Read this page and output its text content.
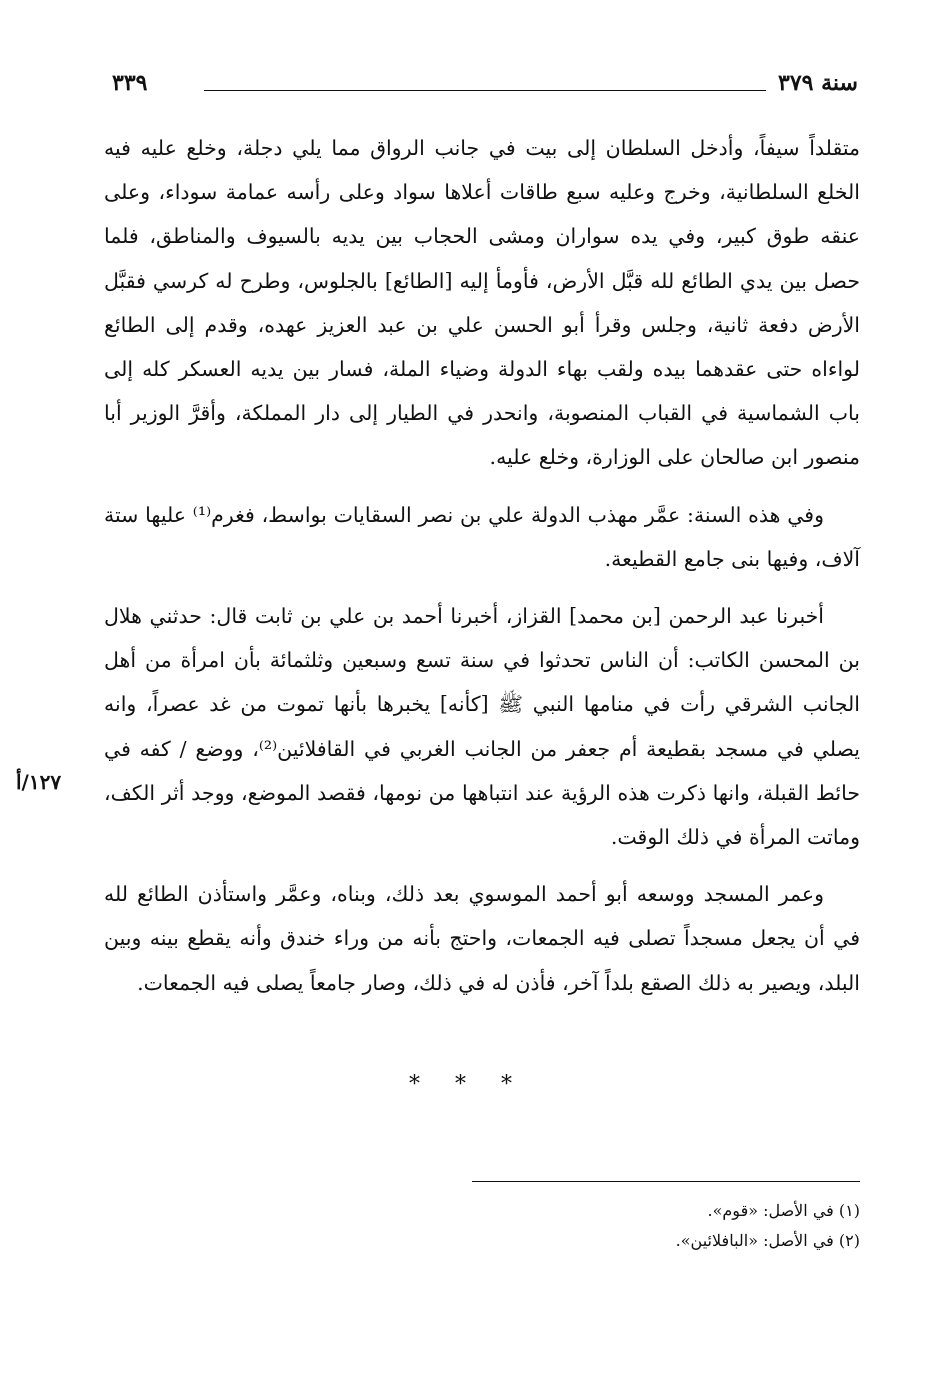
سنة ٣٧٩
٣٣٩

متقلداً سيفاً، وأدخل السلطان إلى بيت في جانب الرواق مما يلي دجلة، وخلع عليه فيه الخلع السلطانية، وخرج وعليه سبع طاقات أعلاها سواد وعلى رأسه عمامة سوداء، وعلى عنقه طوق كبير، وفي يده سواران ومشى الحجاب بين يديه بالسيوف والمناطق، فلما حصل بين يدي الطائع لله قبَّل الأرض، فأومأ إليه [الطائع] بالجلوس، وطرح له كرسي فقبَّل الأرض دفعة ثانية، وجلس وقرأ أبو الحسن علي بن عبد العزيز عهده، وقدم إلى الطائع لواءاه حتى عقدهما بيده ولقب بهاء الدولة وضياء الملة، فسار بين يديه العسكر كله إلى باب الشماسية في القباب المنصوبة، وانحدر في الطيار إلى دار المملكة، وأقرَّ الوزير أبا منصور ابن صالحان على الوزارة، وخلع عليه.

وفي هذه السنة: عمَّر مهذب الدولة علي بن نصر السقايات بواسط، فغرم⁽¹⁾ عليها ستة آلاف، وفيها بنى جامع القطيعة.

أخبرنا عبد الرحمن [بن محمد] القزاز، أخبرنا أحمد بن علي بن ثابت قال: حدثني هلال بن المحسن الكاتب: أن الناس تحدثوا في سنة تسع وسبعين وثلثمائة بأن امرأة من أهل الجانب الشرقي رأت في منامها النبي ﷺ [كأنه] يخبرها بأنها تموت من غد عصراً، وانه يصلي في مسجد بقطيعة أم جعفر من الجانب الغربي في القافلائين⁽²⁾، ووضع / كفه في حائط القبلة، وانها ذكرت هذه الرؤية عند انتباهها من نومها، فقصد الموضع، ووجد أثر الكف، وماتت المرأة في ذلك الوقت.

وعمر المسجد ووسعه أبو أحمد الموسوي بعد ذلك، وبناه، وعمَّر واستأذن الطائع لله في أن يجعل مسجداً تصلى فيه الجمعات، واحتج بأنه من وراء خندق وأنه يقطع بينه وبين البلد، ويصير به ذلك الصقع بلداً آخر، فأذن له في ذلك، وصار جامعاً يصلى فيه الجمعات.

١٢٧/أ
* * *
(١) في الأصل: «قوم».
(٢) في الأصل: «البافلائين».
